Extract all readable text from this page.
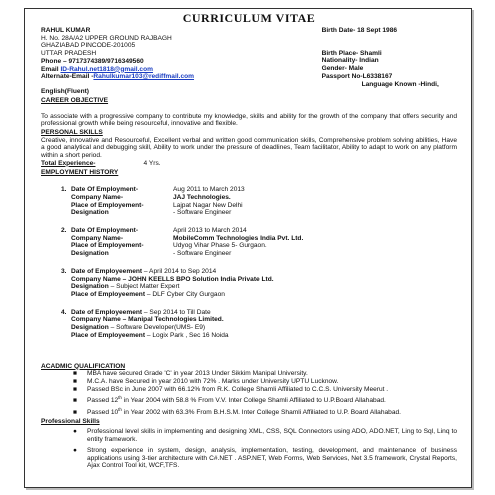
CURRICULUM VITAE
RAHUL KUMAR
H. No. 28A/A2 UPPER GROUND RAJBAGH
GHAZIABAD PINCODE-201005
UTTAR PRADESH
Phone – 9717374389/9716349560
Email ID-Rahul.net1818@gmail.com
Alternate-Email -Rahulkumar103@rediffmail.com
Birth Date- 18 Sept 1986
Birth Place- Shamli
Nationality- Indian
Gender- Male
Passport No-L6338167
Language Known -Hindi,
English(Fluent)
CAREER OBJECTIVE
To associate with a progressive company to contribute my knowledge, skills and ability for the growth of the company that offers security and professional growth while being resourceful, innovative and flexible.
PERSONAL SKILLS
Creative, innovative and Resourceful, Excellent verbal and written good communication skills, Comprehensive problem solving abilities, Have a good analytical and debugging skill, Ability to work under the pressure of deadlines, Team facilitator, Ability to adapt to work on any platform within a short period.
Total Experience-	4 Yrs.
EMPLOYMENT HISTORY
1. Date Of Employment-	Aug 2011 to March 2013
Company Name-	JAJ Technologies.
Place of Employement-	Lajpat Nagar New Delhi
Designation	- Software Engineer
2. Date Of Employment-	April 2013 to March 2014
Company Name-	MobileComm Technologies India Pvt. Ltd.
Place of Employement-	Udyog Vihar Phase 5- Gurgaon.
Designation	- Software Engineer
3. Date of Employeement – April 2014 to Sep 2014
Company Name – JOHN KEELLS BPO Solution India Private Ltd.
Designation – Subject Matter Expert
Place of Employeement – DLF Cyber City Gurgaon
4. Date of Employeement – Sep 2014 to Till Date
Company Name – Manipal Technologies Limited.
Designation – Software Developer(UMS- E9)
Place of Employeement – Logix Park , Sec 16 Noida
ACADMIC QUALIFICATION
■	MBA have secured Grade 'C' in year 2013 Under Sikkim Manipal University.
■	M.C.A. have Secured in year 2010 with 72% . Marks under University UPTU Lucknow.
■	Passed BSc in June 2007 with 66.12% from R.K. College Shamli Affiliated to C.C.S. University Meerut .
■	Passed 12th in Year 2004 with 58.8 % From V.V. Inter College Shamli Affiliated to U.P.Board Allahabad.
■	Passed 10th in Year 2002 with 63.3% From B.H.S.M. Inter College Shamli Affiliated to U.P. Board Allahabad.
Professional Skills
●	Professional level skills in implementing and designing XML, CSS, SQL Connectors using ADO, ADO.NET, Ling to Sql, Linq to entity framework.
●	Strong experience in system, design, analysis, implementation, testing, development, and maintenance of business applications using 3-tier architecture with C#.NET . ASP.NET, Web Forms, Web Services, Net 3.5 framework, Crystal Reports, Ajax Control Tool kit, WCF,TFS.
